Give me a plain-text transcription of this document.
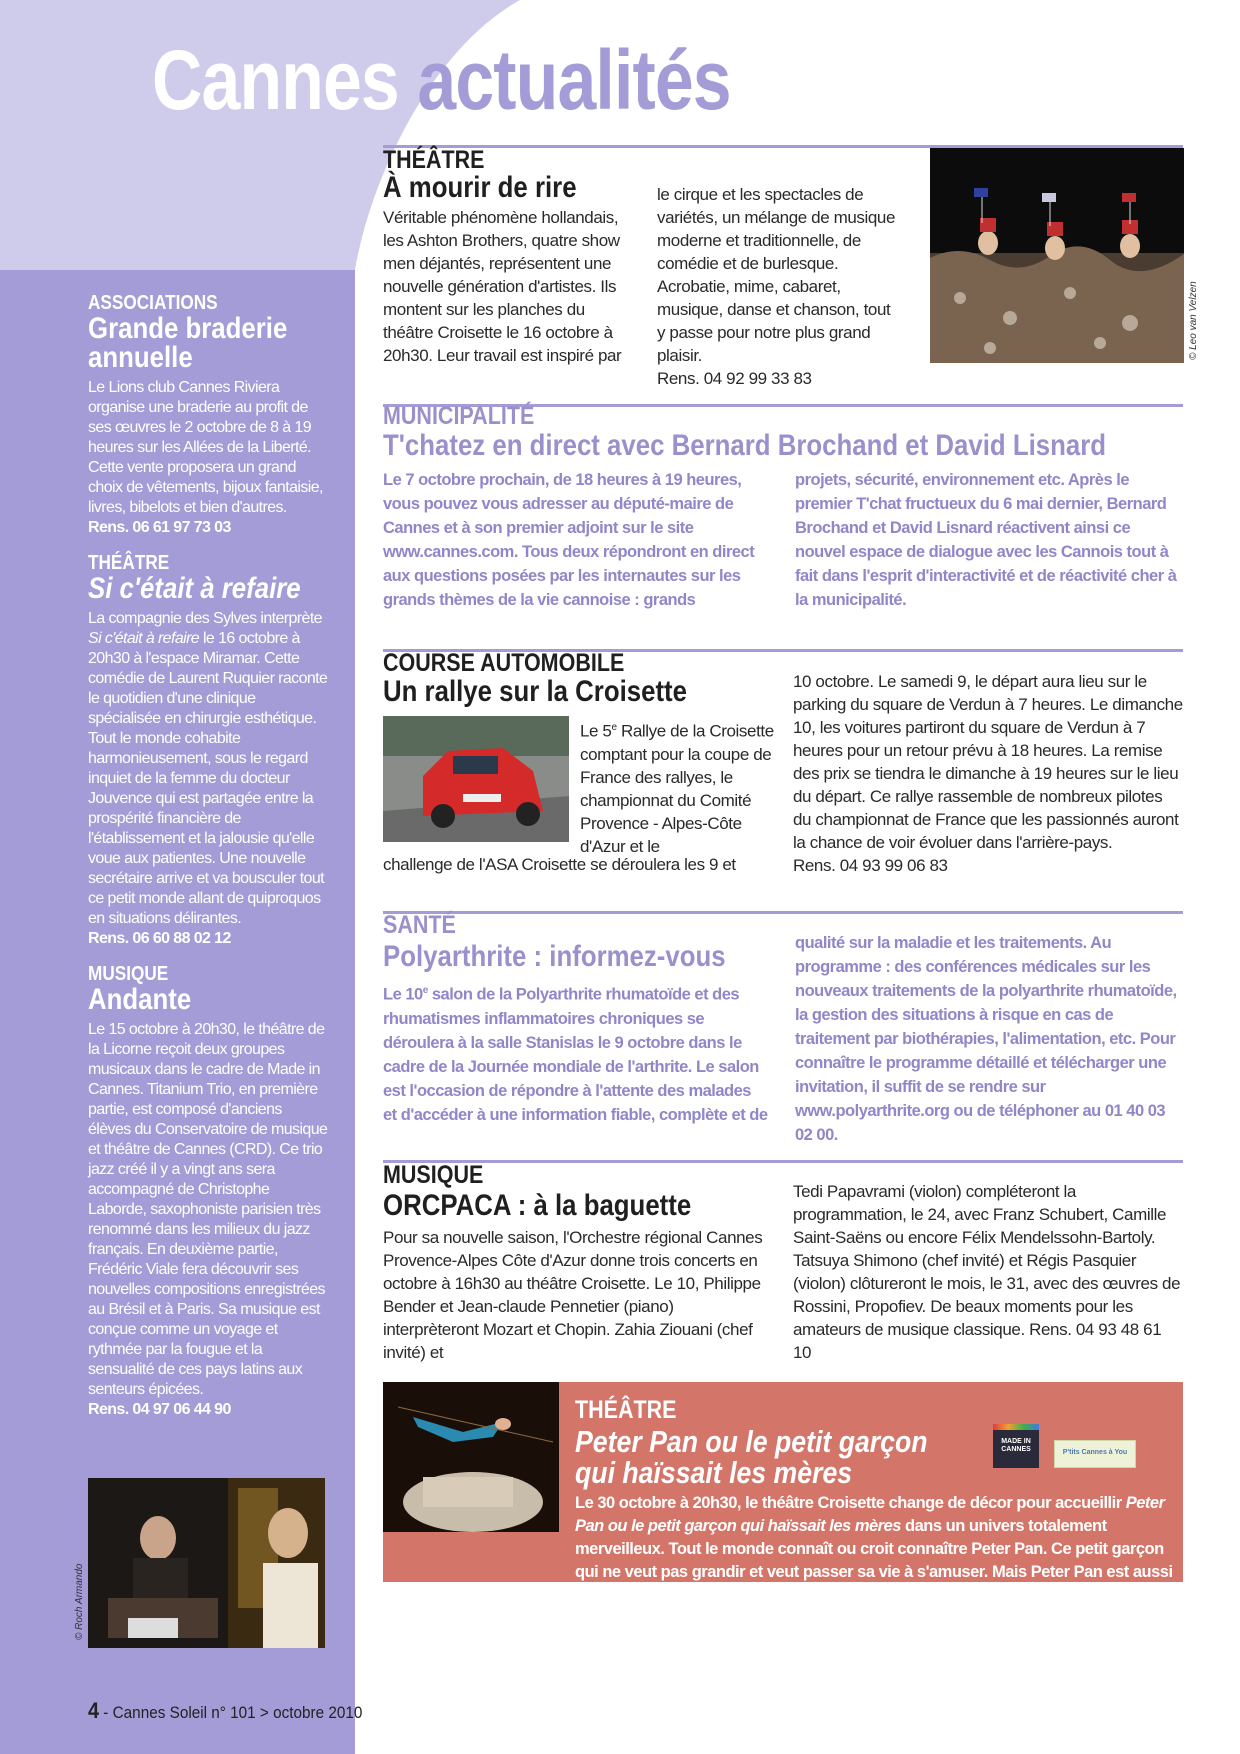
Cannes actualités
ASSOCIATIONS
Grande braderie annuelle

Le Lions club Cannes Riviera organise une braderie au profit de ses œuvres le 2 octobre de 8 à 19 heures sur les Allées de la Liberté. Cette vente proposera un grand choix de vêtements, bijoux fantaisie, livres, bibelots et bien d'autres.

Rens. 06 61 97 73 03

THÉÂTRE
Si c'était à refaire

La compagnie des Sylves interprète Si c'était à refaire le 16 octobre à 20h30 à l'espace Miramar. Cette comédie de Laurent Ruquier raconte le quotidien d'une clinique spécialisée en chirurgie esthétique. Tout le monde cohabite harmonieusement, sous le regard inquiet de la femme du docteur Jouvence qui est partagée entre la prospérité financière de l'établissement et la jalousie qu'elle voue aux patientes. Une nouvelle secrétaire arrive et va bousculer tout ce petit monde allant de quiproquos en situations délirantes.

Rens. 06 60 88 02 12

MUSIQUE
Andante

Le 15 octobre à 20h30, le théâtre de la Licorne reçoit deux groupes musicaux dans le cadre de Made in Cannes. Titanium Trio, en première partie, est composé d'anciens élèves du Conservatoire de musique et théâtre de Cannes (CRD). Ce trio jazz créé il y a vingt ans sera accompagné de Christophe Laborde, saxophoniste parisien très renommé dans les milieux du jazz français. En deuxième partie, Frédéric Viale fera découvrir ses nouvelles compositions enregistrées au Brésil et à Paris. Sa musique est conçue comme un voyage et rythmée par la fougue et la sensualité de ces pays latins aux senteurs épicées.

Rens. 04 97 06 44 90

© Roch Armando
THÉÂTRE
À mourir de rire
Véritable phénomène hollandais, les Ashton Brothers, quatre show men déjantés, représentent une nouvelle génération d'artistes. Ils montent sur les planches du théâtre Croisette le 16 octobre à 20h30. Leur travail est inspiré par
le cirque et les spectacles de variétés, un mélange de musique moderne et traditionnelle, de comédie et de burlesque. Acrobatie, mime, cabaret, musique, danse et chanson, tout y passe pour notre plus grand plaisir.
Rens. 04 92 99 33 83
© Leo van Velzen
MUNICIPALITÉ
T'chatez en direct avec Bernard Brochand et David Lisnard
Le 7 octobre prochain, de 18 heures à 19 heures, vous pouvez vous adresser au député-maire de Cannes et à son premier adjoint sur le site www.cannes.com. Tous deux répondront en direct aux questions posées par les internautes sur les grands thèmes de la vie cannoise : grands
projets, sécurité, environnement etc. Après le premier T'chat fructueux du 6 mai dernier, Bernard Brochand et David Lisnard réactivent ainsi ce nouvel espace de dialogue avec les Cannois tout à fait dans l'esprit d'interactivité et de réactivité cher à la municipalité.
COURSE AUTOMOBILE
Un rallye sur la Croisette
Le 5e Rallye de la Croisette comptant pour la coupe de France des rallyes, le championnat du Comité Provence - Alpes-Côte d'Azur et le
challenge de l'ASA Croisette se déroulera les 9 et
10 octobre. Le samedi 9, le départ aura lieu sur le parking du square de Verdun à 7 heures. Le dimanche 10, les voitures partiront du square de Verdun à 7 heures pour un retour prévu à 18 heures. La remise des prix se tiendra le dimanche à 19 heures sur le lieu du départ. Ce rallye rassemble de nombreux pilotes du championnat de France que les passionnés auront la chance de voir évoluer dans l'arrière-pays.
Rens. 04 93 99 06 83
SANTÉ
Polyarthrite : informez-vous
Le 10e salon de la Polyarthrite rhumatoïde et des rhumatismes inflammatoires chroniques se déroulera à la salle Stanislas le 9 octobre dans le cadre de la Journée mondiale de l'arthrite. Le salon est l'occasion de répondre à l'attente des malades et d'accéder à une information fiable, complète et de
qualité sur la maladie et les traitements. Au programme : des conférences médicales sur les nouveaux traitements de la polyarthrite rhumatoïde, la gestion des situations à risque en cas de traitement par biothérapies, l'alimentation, etc. Pour connaître le programme détaillé et télécharger une invitation, il suffit de se rendre sur www.polyarthrite.org ou de téléphoner au 01 40 03 02 00.
MUSIQUE
ORCPACA : à la baguette
Pour sa nouvelle saison, l'Orchestre régional Cannes Provence-Alpes Côte d'Azur donne trois concerts en octobre à 16h30 au théâtre Croisette. Le 10, Philippe Bender et Jean-claude Pennetier (piano) interprèteront Mozart et Chopin. Zahia Ziouani (chef invité) et
Tedi Papavrami (violon) compléteront la programmation, le 24, avec Franz Schubert, Camille Saint-Saëns ou encore Félix Mendelssohn-Bartoly. Tatsuya Shimono (chef invité) et Régis Pasquier (violon) clôtureront le mois, le 31, avec des œuvres de Rossini, Propofiev. De beaux moments pour les amateurs de musique classique. Rens. 04 93 48 61 10
THÉÂTRE
Peter Pan ou le petit garçon
qui haïssait les mères
MADE IN CANNES	P'tits Cannes à You
Le 30 octobre à 20h30, le théâtre Croisette change de décor pour accueillir Peter Pan ou le petit garçon qui haïssait les mères dans un univers totalement merveilleux. Tout le monde connaît ou croit connaître Peter Pan. Ce petit garçon qui ne veut pas grandir et veut passer sa vie à s'amuser. Mais Peter Pan est aussi une tentative désespérée d'arrêter le temps, de retenir l'enfance,
de jouer encore et toujours. Ce spectacle, programmé dans le cadre de P'tits Cannes à You et Made in Cannes, est interprété par la compagnie Vol plané (à partir de 8 ans). Rens. 04 97 06 44 90
4 - Cannes Soleil n° 101 > octobre 2010
